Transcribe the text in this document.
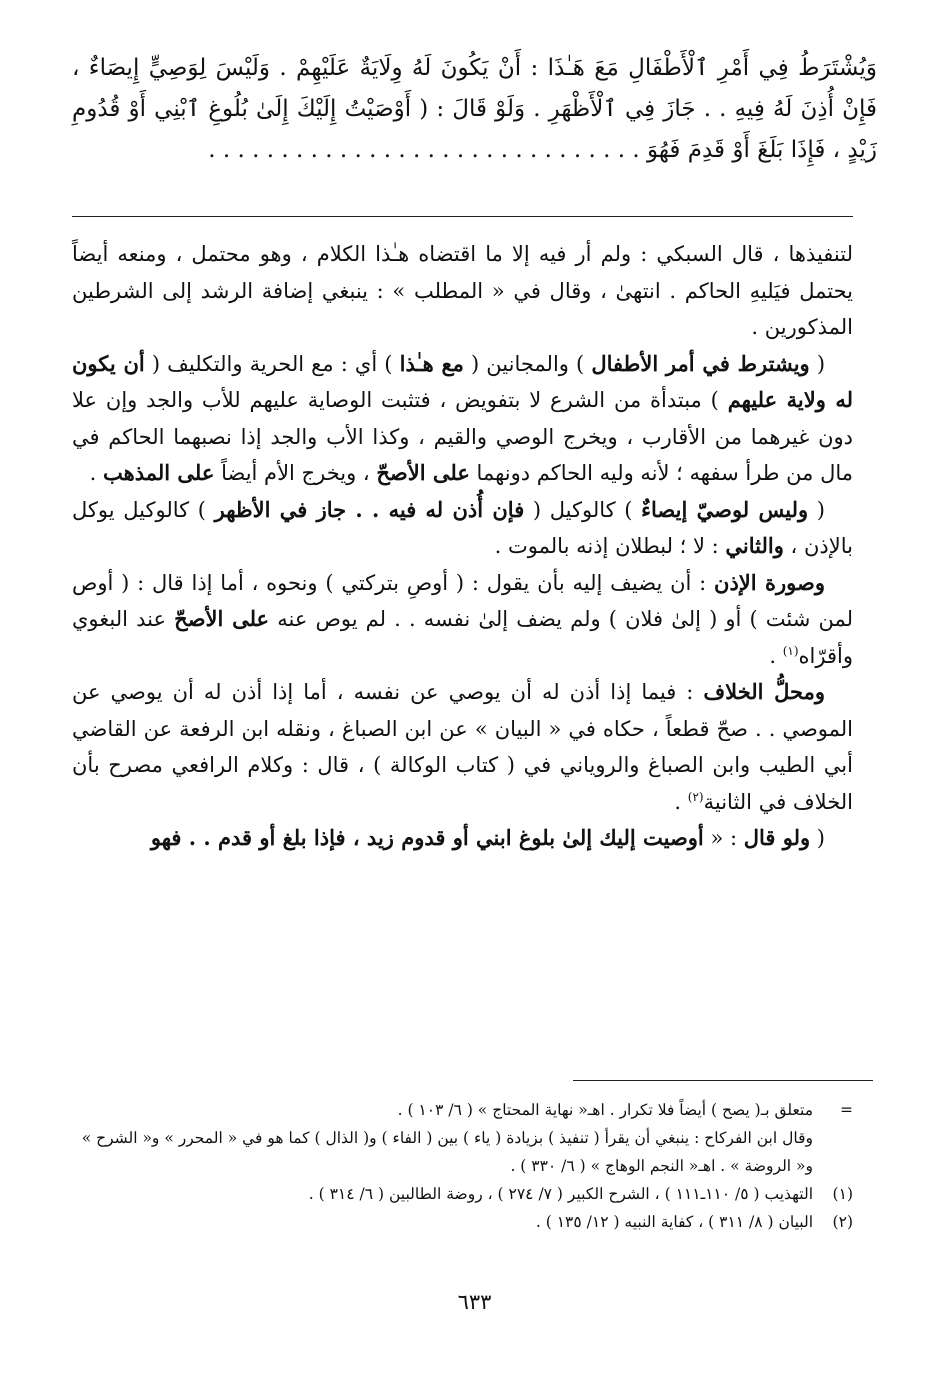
وَيُشْتَرَطُ فِي أَمْرِ ٱلْأَطْفَالِ مَعَ هَـٰذَا : أَنْ يَكُونَ لَهُ وِلَايَةٌ عَلَيْهِمْ . وَلَيْسَ لِوَصِيٍّ إِيصَاءٌ ، فَإِنْ أُذِنَ لَهُ فِيهِ . . جَازَ فِي ٱلْأَظْهَرِ . وَلَوْ قَالَ : ( أَوْصَيْتُ إِلَيْكَ إِلَىٰ بُلُوغِ ٱبْنِي أَوْ قُدُومِ زَيْدٍ ، فَإِذَا بَلَغَ أَوْ قَدِمَ فَهُوَ . . . . . . . . . . . . . . . . . . . . . . . . . . . . . .

لتنفيذها ، قال السبكي : ولم أر فيه إلا ما اقتضاه هـٰذا الكلام ، وهو محتمل ، ومنعه أيضاً يحتمل فيَليهِ الحاكم . انتهىٰ ، وقال في « المطلب » : ينبغي إضافة الرشد إلى الشرطين المذكورين .

( ويشترط في أمر الأطفال ) والمجانين ( مع هـٰذا ) أي : مع الحرية والتكليف ( أن يكون له ولاية عليهم ) مبتدأة من الشرع لا بتفويض ، فتثبت الوصاية عليهم للأب والجد وإن علا دون غيرهما من الأقارب ، ويخرج الوصي والقيم ، وكذا الأب والجد إذا نصبهما الحاكم في مال من طرأ سفهه ؛ لأنه وليه الحاكم دونهما على الأصحّ ، ويخرج الأم أيضاً على المذهب .

( وليس لوصيّ إيصاءٌ ) كالوكيل ( فإن أُذن له فيه . . جاز في الأظهر ) كالوكيل يوكل بالإذن ، والثاني : لا ؛ لبطلان إذنه بالموت .

وصورة الإذن : أن يضيف إليه بأن يقول : ( أوصِ بتركتي ) ونحوه ، أما إذا قال : ( أوص لمن شئت ) أو ( إلىٰ فلان ) ولم يضف إلىٰ نفسه . . لم يوص عنه على الأصحّ عند البغوي وأقرّاه$^{(١)}$ .

ومحلُّ الخلاف : فيما إذا أذن له أن يوصي عن نفسه ، أما إذا أذن له أن يوصي عن الموصي . . صحّ قطعاً ، حكاه في « البيان » عن ابن الصباغ ، ونقله ابن الرفعة عن القاضي أبي الطيب وابن الصباغ والروياني في ( كتاب الوكالة ) ، قال : وكلام الرافعي مصرح بأن الخلاف في الثانية$^{(٢)}$ .

( ولو قال : « أوصيت إليك إلىٰ بلوغ ابني أو قدوم زيد ، فإذا بلغ أو قدم . . فهو

=
متعلق بـ( يصح ) أيضاً فلا تكرار . اهـ« نهاية المحتاج » ( ٦/ ١٠٣ ) .
وقال ابن الفركاح : ينبغي أن يقرأ ( تنفيذ ) بزيادة ( ياء ) بين ( الفاء ) و( الذال ) كما هو في « المحرر » و« الشرح » و« الروضة » . اهـ« النجم الوهاج » ( ٦/ ٣٣٠ ) .
(١)
التهذيب ( ٥/ ١١٠ـ١١١ ) ، الشرح الكبير ( ٧/ ٢٧٤ ) ، روضة الطالبين ( ٦/ ٣١٤ ) .
(٢)
البيان ( ٨/ ٣١١ ) ، كفاية النبيه ( ١٢/ ١٣٥ ) .
٦٣٣
